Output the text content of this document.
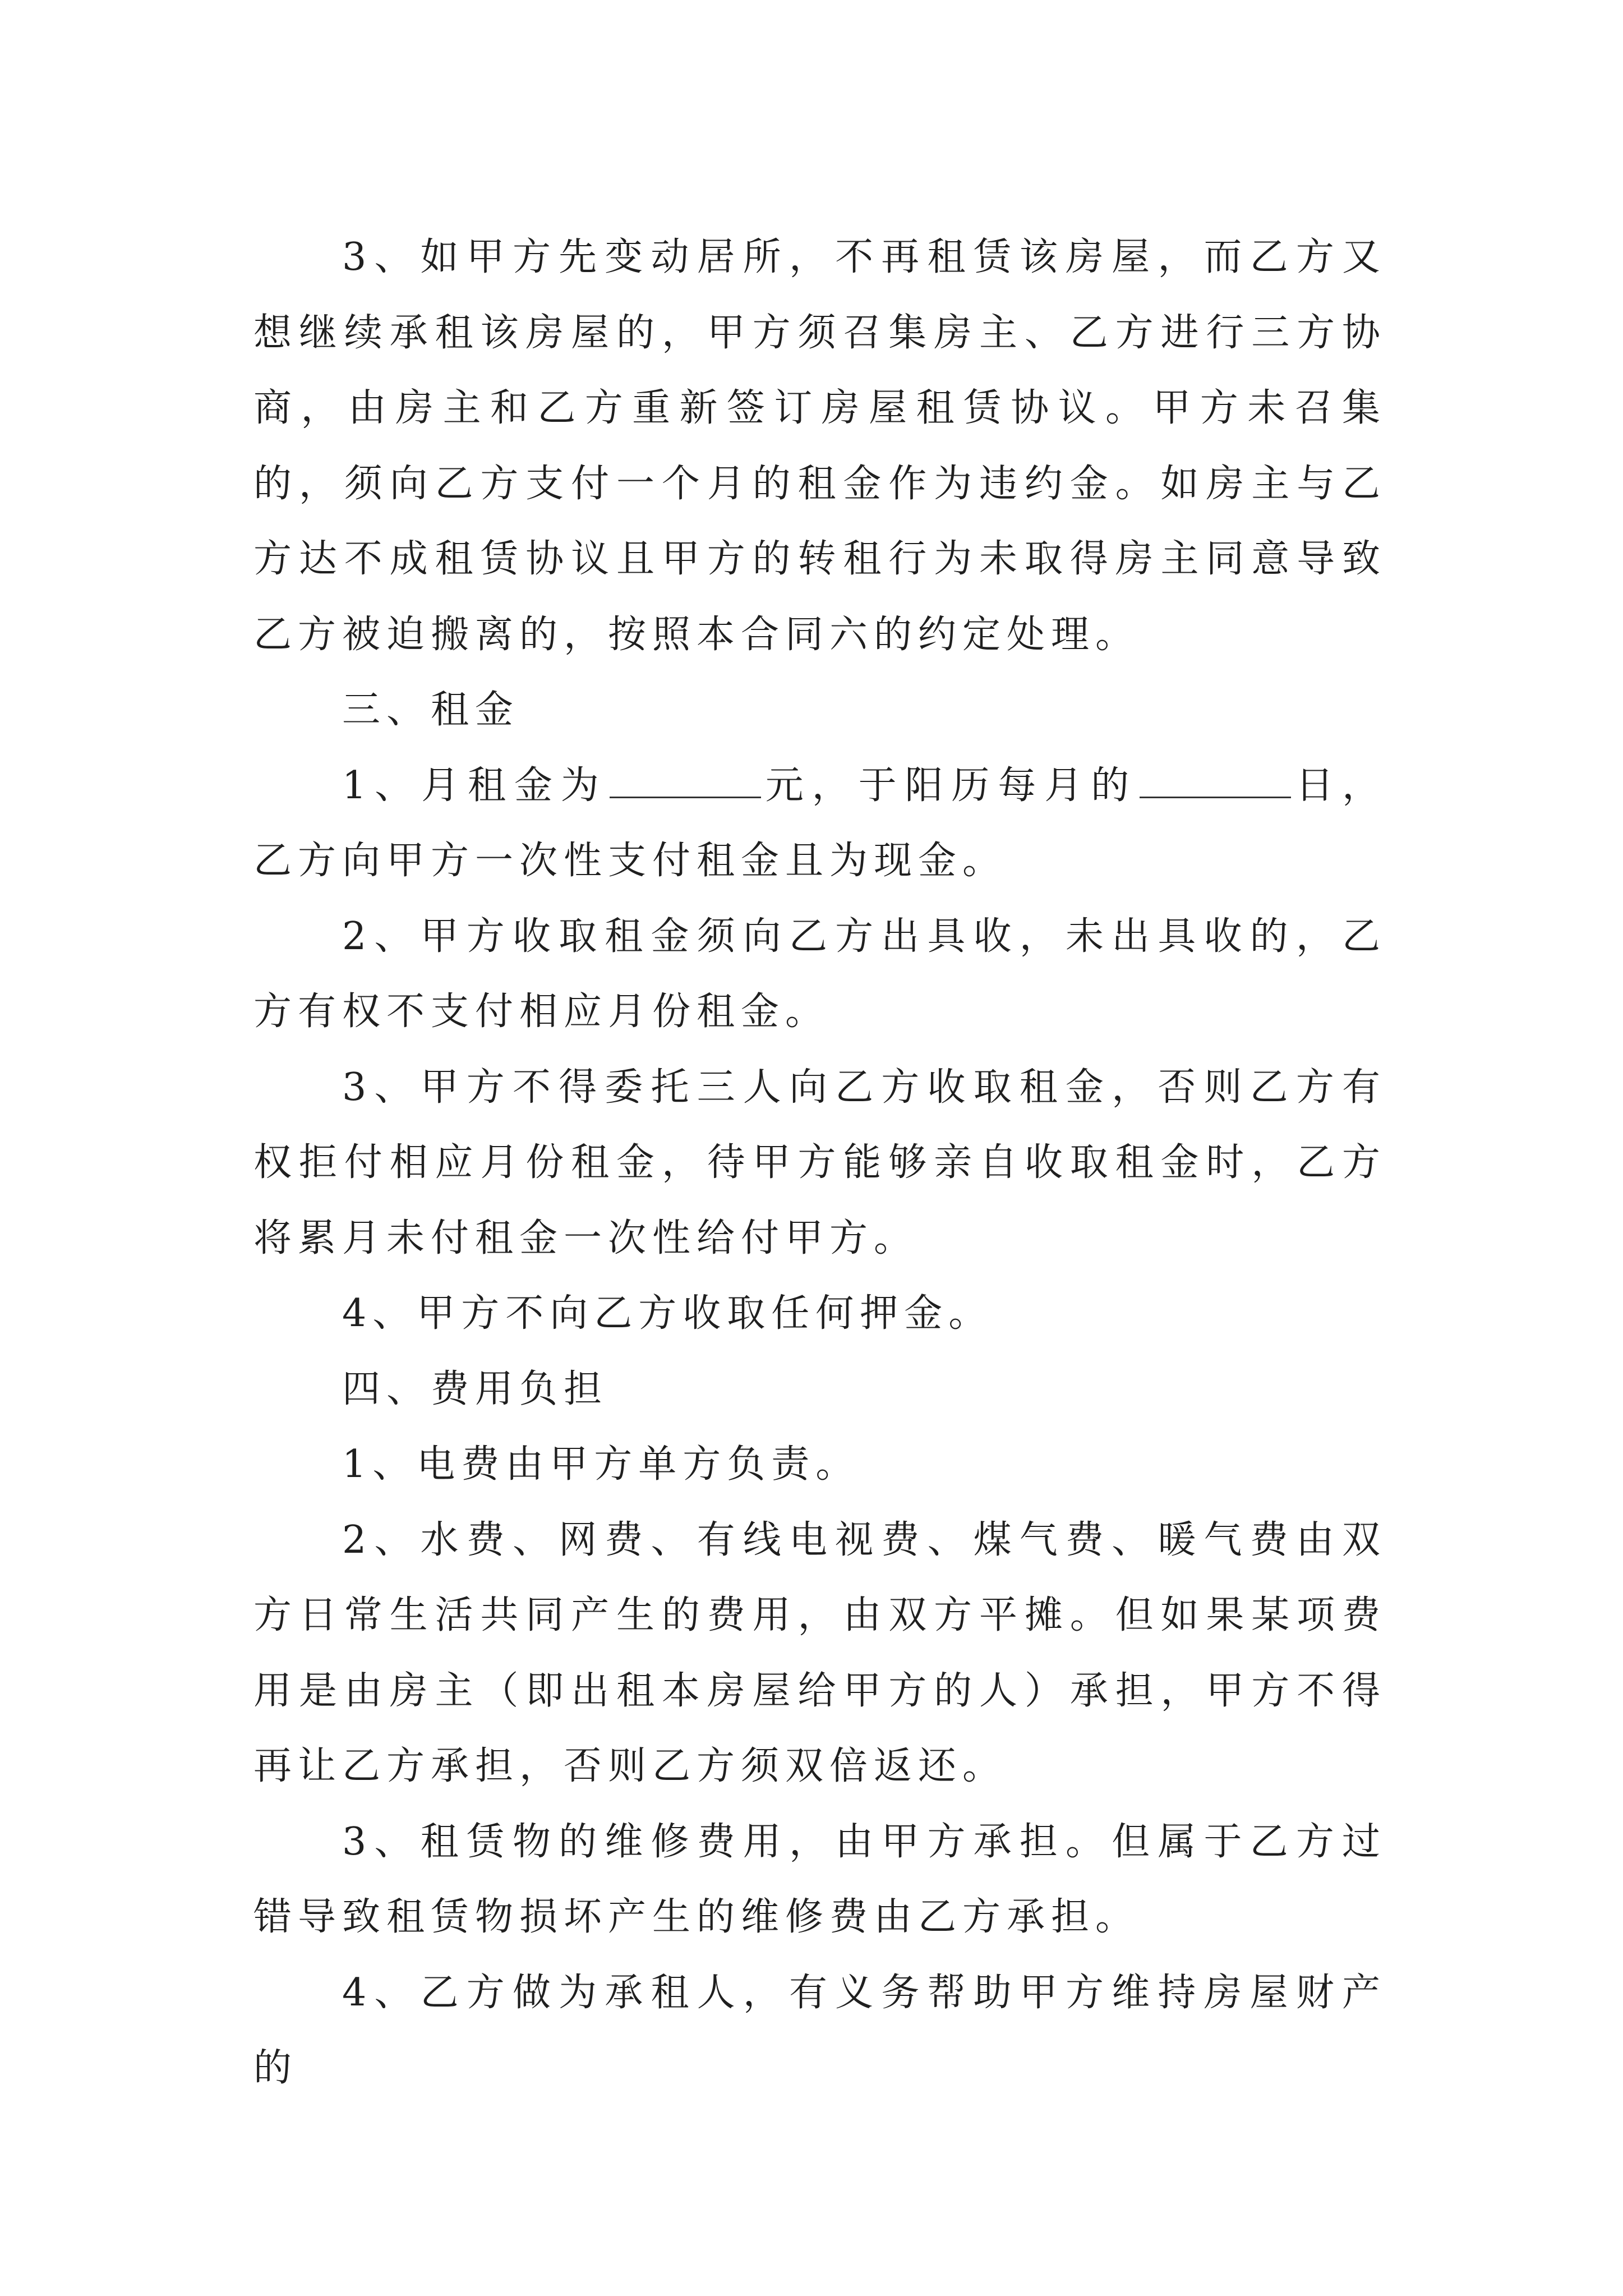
3、如甲方先变动居所，不再租赁该房屋，而乙方又想继续承租该房屋的，甲方须召集房主、乙方进行三方协商，由房主和乙方重新签订房屋租赁协议。甲方未召集的，须向乙方支付一个月的租金作为违约金。如房主与乙方达不成租赁协议且甲方的转租行为未取得房主同意导致乙方被迫搬离的，按照本合同六的约定处理。

三、租金

1、月租金为	元，于阳历每月的	日，乙方向甲方一次性支付租金且为现金。

2、甲方收取租金须向乙方出具收，未出具收的，乙方有权不支付相应月份租金。

3、甲方不得委托三人向乙方收取租金，否则乙方有权拒付相应月份租金，待甲方能够亲自收取租金时，乙方将累月未付租金一次性给付甲方。

4、甲方不向乙方收取任何押金。

四、费用负担

1、电费由甲方单方负责。

2、水费、网费、有线电视费、煤气费、暖气费由双方日常生活共同产生的费用，由双方平摊。但如果某项费用是由房主（即出租本房屋给甲方的人）承担，甲方不得再让乙方承担，否则乙方须双倍返还。

3、租赁物的维修费用，由甲方承担。但属于乙方过错导致租赁物损坏产生的维修费由乙方承担。

4、乙方做为承租人，有义务帮助甲方维持房屋财产的
